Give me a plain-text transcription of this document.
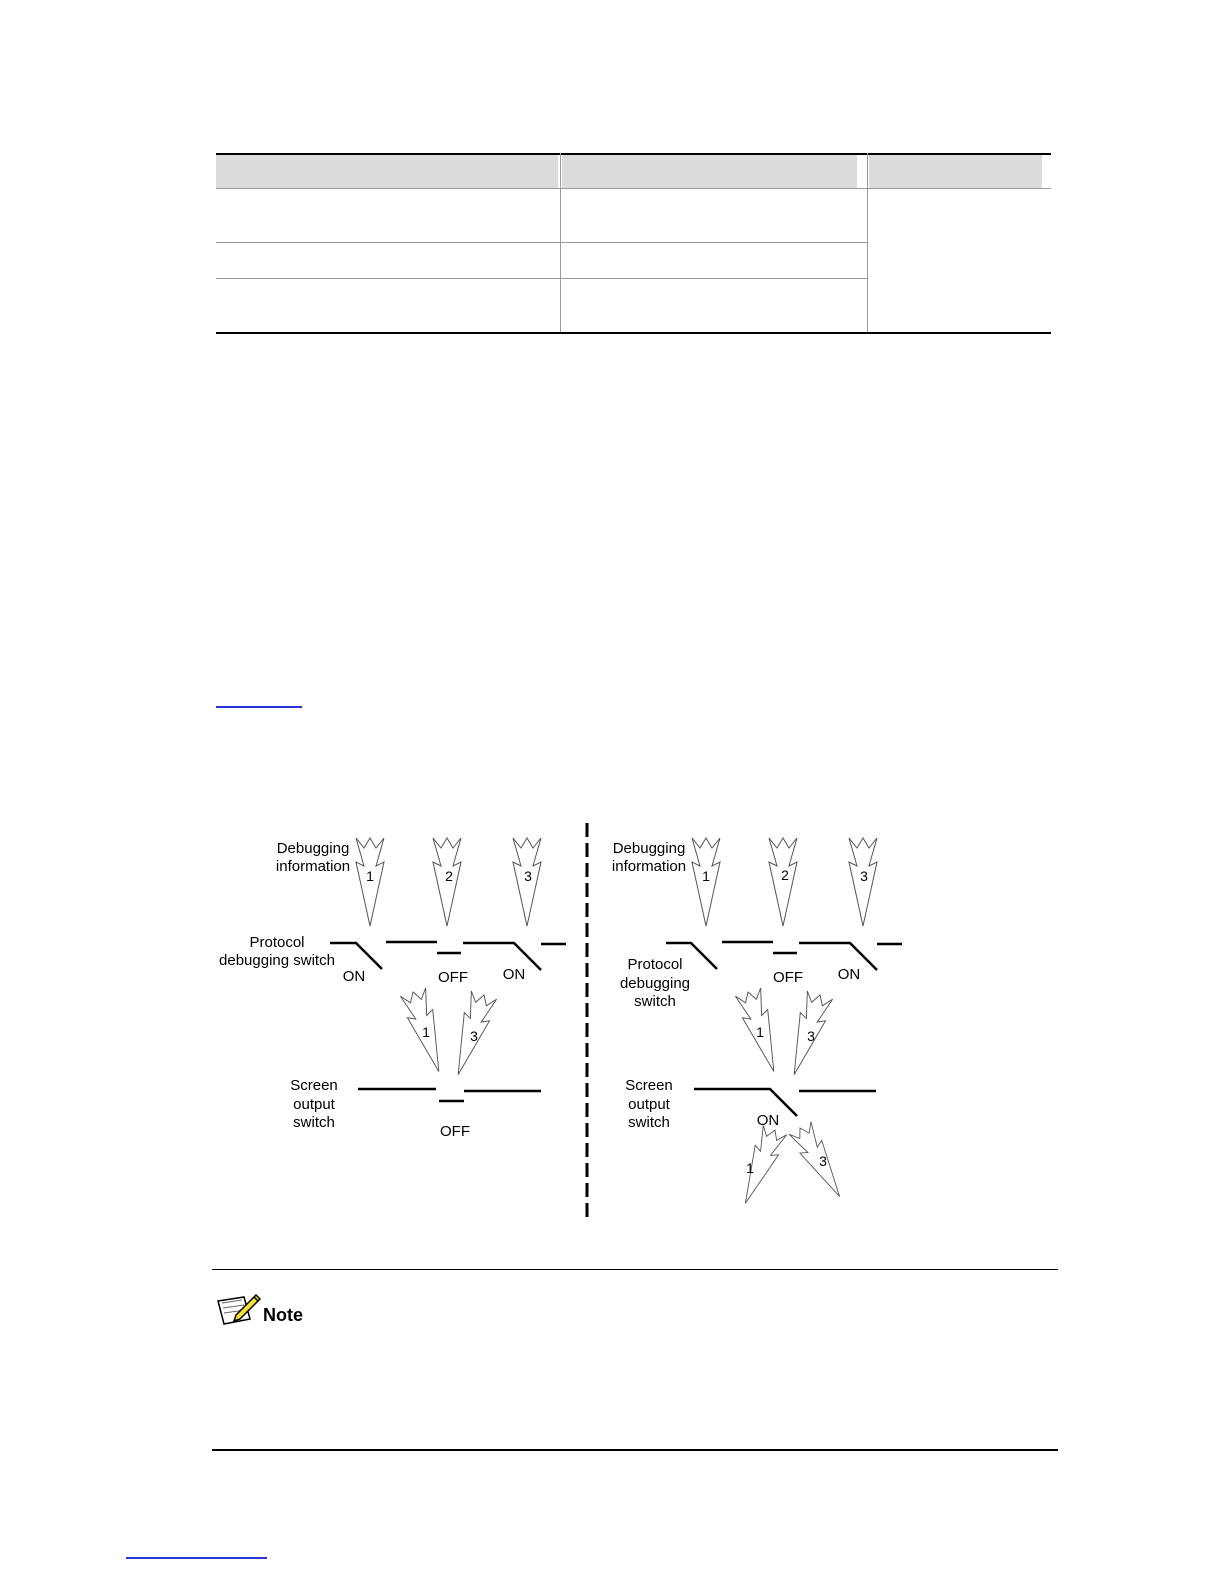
Debugging
information
1	2	3
Protocol
debugging switch
ON	OFF ON
1	3
Screen
output
switch
OFF
Debugging
information
1	2	3
Protocol
debugging
switch
OFF ON
1	3
Screen
output
switch	ON
1	3
Note
